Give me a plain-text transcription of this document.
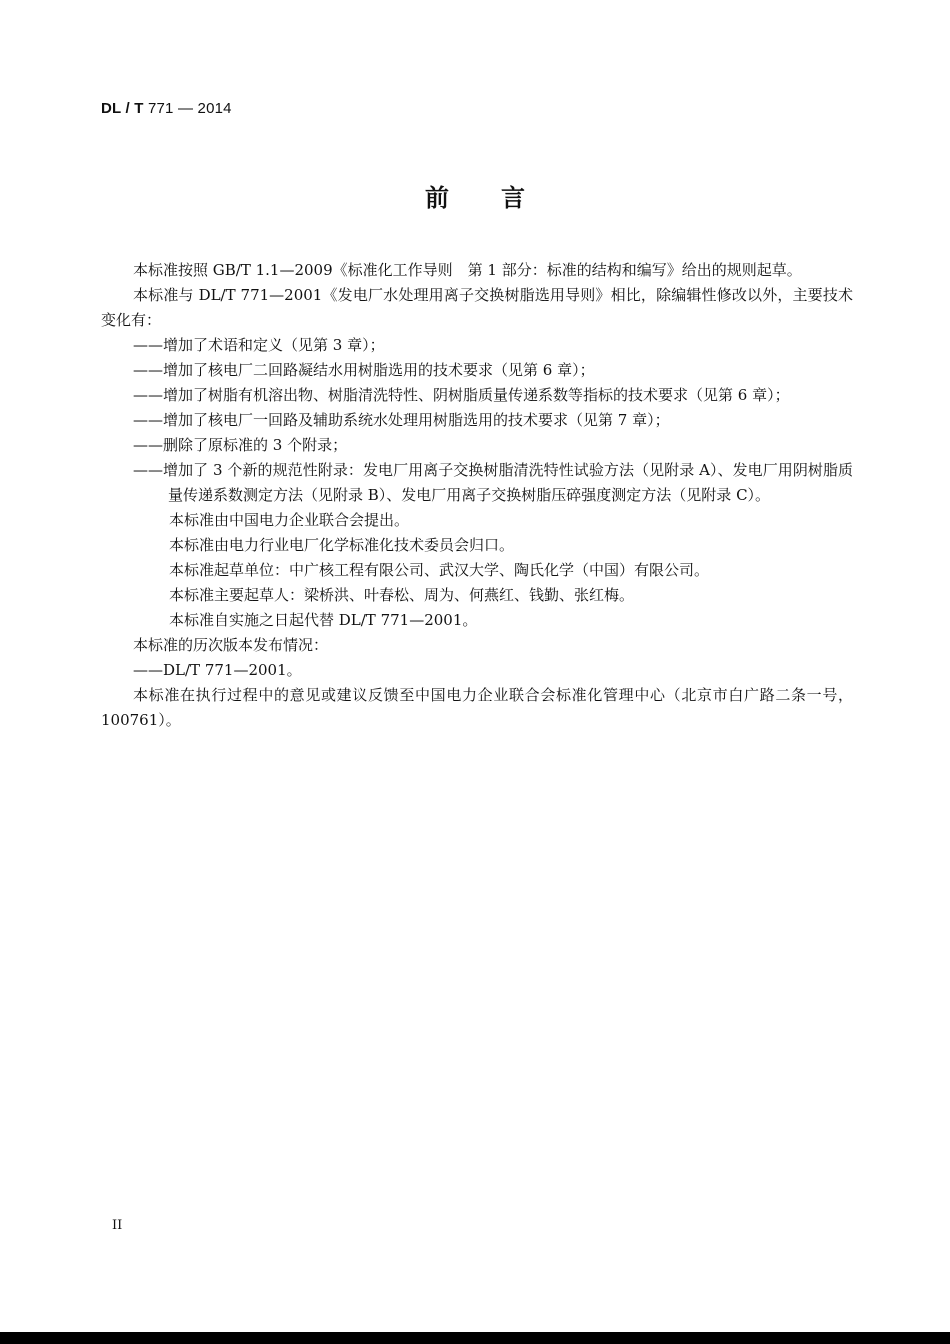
DL / T 771 — 2014
前言

本标准按照 GB/T 1.1—2009《标准化工作导则　第 1 部分：标准的结构和编写》给出的规则起草。

本标准与 DL/T 771—2001《发电厂水处理用离子交换树脂选用导则》相比，除编辑性修改以外，主要技术变化有：

——增加了术语和定义（见第 3 章）；

——增加了核电厂二回路凝结水用树脂选用的技术要求（见第 6 章）；

——增加了树脂有机溶出物、树脂清洗特性、阴树脂质量传递系数等指标的技术要求（见第 6 章）；

——增加了核电厂一回路及辅助系统水处理用树脂选用的技术要求（见第 7 章）；

——删除了原标准的 3 个附录；

——增加了 3 个新的规范性附录：发电厂用离子交换树脂清洗特性试验方法（见附录 A）、发电厂用阴树脂质量传递系数测定方法（见附录 B）、发电厂用离子交换树脂压碎强度测定方法（见附录 C）。

本标准由中国电力企业联合会提出。

本标准由电力行业电厂化学标准化技术委员会归口。

本标准起草单位：中广核工程有限公司、武汉大学、陶氏化学（中国）有限公司。

本标准主要起草人：梁桥洪、叶春松、周为、何燕红、钱勤、张红梅。

本标准自实施之日起代替 DL/T 771—2001。

本标准的历次版本发布情况：

——DL/T 771—2001。

本标准在执行过程中的意见或建议反馈至中国电力企业联合会标准化管理中心（北京市白广路二条一号，100761）。

II
